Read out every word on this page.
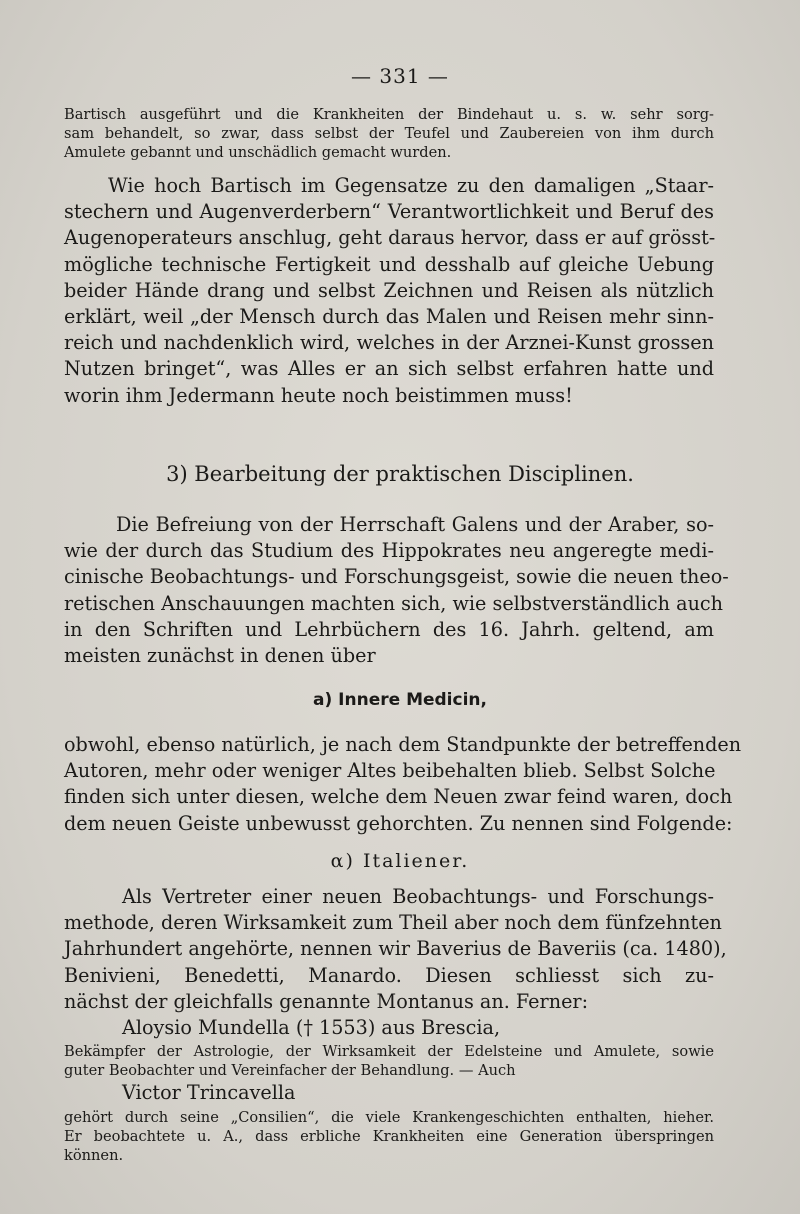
— 331 —
Bartisch ausgeführt und die Krankheiten der Bindehaut u. s. w. sehr sorg-
sam behandelt, so zwar, dass selbst der Teufel und Zaubereien von ihm durch
Amulete gebannt und unschädlich gemacht wurden.
Wie hoch Bartisch im Gegensatze zu den damaligen „Staar-
stechern und Augenverderbern“ Verantwortlichkeit und Beruf des
Augenoperateurs anschlug, geht daraus hervor, dass er auf grösst-
mögliche technische Fertigkeit und desshalb auf gleiche Uebung
beider Hände drang und selbst Zeichnen und Reisen als nützlich
erklärt, weil „der Mensch durch das Malen und Reisen mehr sinn-
reich und nachdenklich wird, welches in der Arznei-Kunst grossen
Nutzen bringet“, was Alles er an sich selbst erfahren hatte und
worin ihm Jedermann heute noch beistimmen muss!
3) Bearbeitung der praktischen Disciplinen.
Die Befreiung von der Herrschaft Galens und der Araber, so-
wie der durch das Studium des Hippokrates neu angeregte medi-
cinische Beobachtungs- und Forschungsgeist, sowie die neuen theo-
retischen Anschauungen machten sich, wie selbstverständlich auch
in den Schriften und Lehrbüchern des 16. Jahrh. geltend, am
meisten zunächst in denen über
a) Innere Medicin,
obwohl, ebenso natürlich, je nach dem Standpunkte der betreffenden
Autoren, mehr oder weniger Altes beibehalten blieb. Selbst Solche
finden sich unter diesen, welche dem Neuen zwar feind waren, doch
dem neuen Geiste unbewusst gehorchten. Zu nennen sind Folgende:
α) Italiener.
Als Vertreter einer neuen Beobachtungs- und Forschungs-
methode, deren Wirksamkeit zum Theil aber noch dem fünfzehnten
Jahrhundert angehörte, nennen wir Baverius de Baveriis (ca. 1480),
Benivieni, Benedetti, Manardo. Diesen schliesst sich zu-
nächst der gleichfalls genannte Montanus an. Ferner:
Aloysio Mundella († 1553) aus Brescia,
Bekämpfer der Astrologie, der Wirksamkeit der Edelsteine und Amulete, sowie
guter Beobachter und Vereinfacher der Behandlung. — Auch
Victor Trincavella
gehört durch seine „Consilien“, die viele Krankengeschichten enthalten, hieher.
Er beobachtete u. A., dass erbliche Krankheiten eine Generation überspringen
können.
